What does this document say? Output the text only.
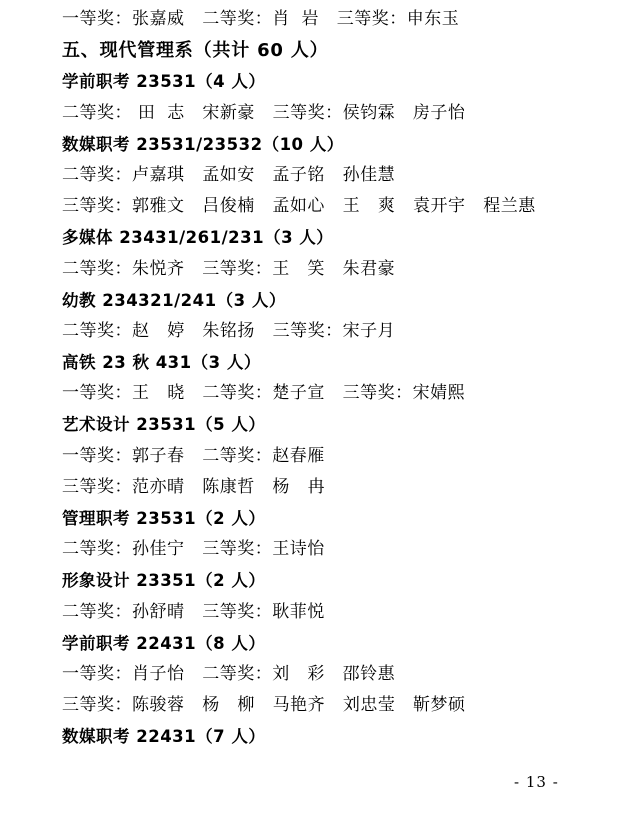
一等奖：张嘉威   二等奖：肖  岩   三等奖：申东玉
五、现代管理系（共计 60 人）
学前职考 23531（4 人）
二等奖： 田  志   宋新豪   三等奖：侯钧霖   房子怡
数媒职考 23531/23532（10 人）
二等奖：卢嘉琪   孟如安   孟子铭   孙佳慧
三等奖：郭雅文   吕俊楠   孟如心   王   爽   袁开宇   程兰惠
多媒体 23431/261/231（3 人）
二等奖：朱悦齐   三等奖：王   笑   朱君豪
幼教 234321/241（3 人）
二等奖：赵   婷   朱铭扬   三等奖：宋子月
高铁 23 秋 431（3 人）
一等奖：王   晓   二等奖：楚子宣   三等奖：宋婧熙
艺术设计 23531（5 人）
一等奖：郭子春   二等奖：赵春雁
三等奖：范亦晴   陈康哲   杨   冉
管理职考 23531（2 人）
二等奖：孙佳宁   三等奖：王诗怡
形象设计 23351（2 人）
二等奖：孙舒晴   三等奖：耿菲悦
学前职考 22431（8 人）
一等奖：肖子怡   二等奖：刘   彩   邵铃惠
三等奖：陈骏蓉   杨   柳   马艳齐   刘忠莹   靳梦硕
数媒职考 22431（7 人）
- 13 -
